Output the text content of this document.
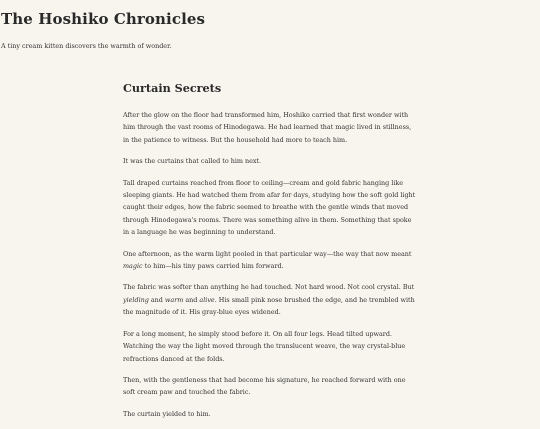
The Hoshiko Chronicles

A tiny cream kitten discovers the warmth of wonder.

Curtain Secrets

After the glow on the floor had transformed him, Hoshiko carried that first wonder with him through the vast rooms of Hinodegawa. He had learned that magic lived in stillness, in the patience to witness. But the household had more to teach him.

It was the curtains that called to him next.

Tall draped curtains reached from floor to ceiling—cream and gold fabric hanging like sleeping giants. He had watched them from afar for days, studying how the soft gold light caught their edges, how the fabric seemed to breathe with the gentle winds that moved through Hinodegawa's rooms. There was something alive in them. Something that spoke in a language he was beginning to understand.

One afternoon, as the warm light pooled in that particular way—the way that now meant magic to him—his tiny paws carried him forward.

The fabric was softer than anything he had touched. Not hard wood. Not cool crystal. But yielding and warm and alive. His small pink nose brushed the edge, and he trembled with the magnitude of it. His gray-blue eyes widened.

For a long moment, he simply stood before it. On all four legs. Head tilted upward. Watching the way the light moved through the translucent weave, the way crystal-blue refractions danced at the folds.

Then, with the gentleness that had become his signature, he reached forward with one soft cream paw and touched the fabric.

The curtain yielded to him.
